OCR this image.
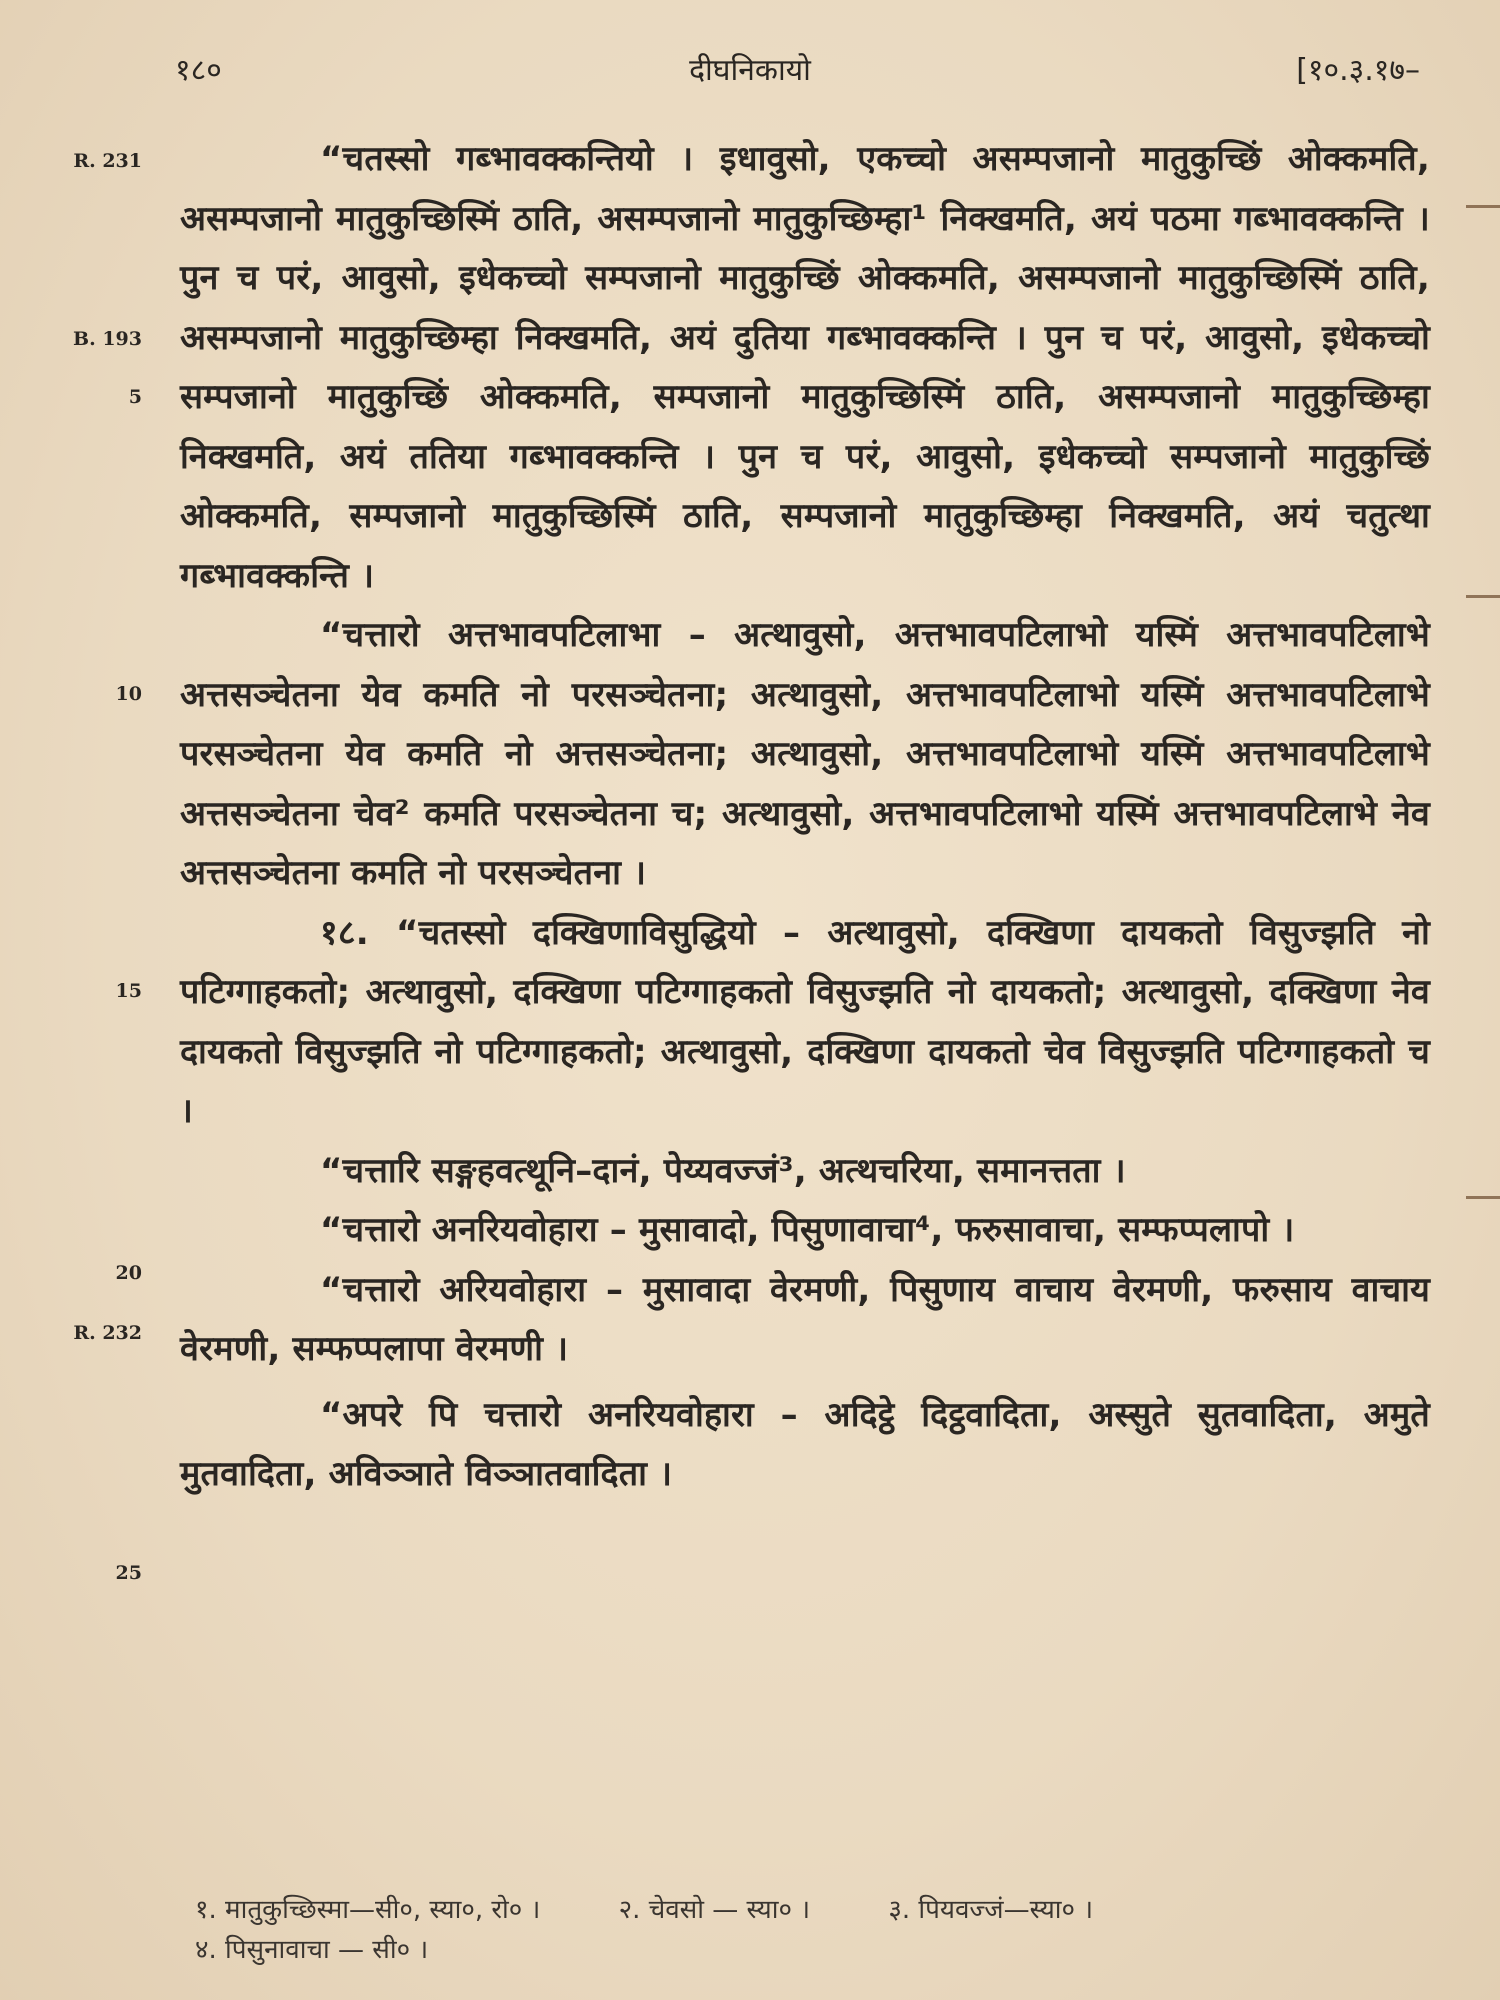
१८०	दीघनिकायो	[१०.३.१७–
R. 231
B. 193
5
10
15
20
R. 232
25

“चतस्सो गब्भावक्कन्तियो । इधावुसो, एकच्चो असम्पजानो मातुकुच्छिं ओक्कमति, असम्पजानो मातुकुच्छिस्मिं ठाति, असम्पजानो मातुकुच्छिम्हा¹ निक्खमति, अयं पठमा गब्भावक्कन्ति । पुन च परं, आवुसो, इधेकच्चो सम्पजानो मातुकुच्छिं ओक्कमति, असम्पजानो मातुकुच्छिस्मिं ठाति, असम्पजानो मातुकुच्छिम्हा निक्खमति, अयं दुतिया गब्भावक्कन्ति । पुन च परं, आवुसो, इधेकच्चो सम्पजानो मातुकुच्छिं ओक्कमति, सम्पजानो मातुकुच्छिस्मिं ठाति, असम्पजानो मातुकुच्छिम्हा निक्खमति, अयं ततिया गब्भावक्कन्ति । पुन च परं, आवुसो, इधेकच्चो सम्पजानो मातुकुच्छिं ओक्कमति, सम्पजानो मातुकुच्छिस्मिं ठाति, सम्पजानो मातुकुच्छिम्हा निक्खमति, अयं चतुत्था गब्भावक्कन्ति ।

“चत्तारो अत्तभावपटिलाभा – अत्थावुसो, अत्तभावपटिलाभो यस्मिं अत्तभावपटिलाभे अत्तसञ्चेतना येव कमति नो परसञ्चेतना; अत्थावुसो, अत्तभावपटिलाभो यस्मिं अत्तभावपटिलाभे परसञ्चेतना येव कमति नो अत्तसञ्चेतना; अत्थावुसो, अत्तभावपटिलाभो यस्मिं अत्तभावपटिलाभे अत्तसञ्चेतना चेव² कमति परसञ्चेतना च; अत्थावुसो, अत्तभावपटिलाभो यस्मिं अत्तभावपटिलाभे नेव अत्तसञ्चेतना कमति नो परसञ्चेतना ।

१८. “चतस्सो दक्खिणाविसुद्धियो – अत्थावुसो, दक्खिणा दायकतो विसुज्झति नो पटिग्गाहकतो; अत्थावुसो, दक्खिणा पटिग्गाहकतो विसुज्झति नो दायकतो; अत्थावुसो, दक्खिणा नेव दायकतो विसुज्झति नो पटिग्गाहकतो; अत्थावुसो, दक्खिणा दायकतो चेव विसुज्झति पटिग्गाहकतो च ।

“चत्तारि सङ्गहवत्थूनि–दानं, पेय्यवज्जं³, अत्थचरिया, समानत्तता ।

“चत्तारो अनरियवोहारा – मुसावादो, पिसुणावाचा⁴, फरुसावाचा, सम्फप्पलापो ।

“चत्तारो अरियवोहारा – मुसावादा वेरमणी, पिसुणाय वाचाय वेरमणी, फरुसाय वाचाय वेरमणी, सम्फप्पलापा वेरमणी ।

“अपरे पि चत्तारो अनरियवोहारा – अदिट्ठे दिट्ठवादिता, अस्सुते सुतवादिता, अमुते मुतवादिता, अविञ्ञाते विञ्ञातवादिता ।

१. मातुकुच्छिस्मा—सी०, स्या०, रो० ।	२. चेवसो — स्या० ।	३. पियवज्जं—स्या० ।
४. पिसुनावाचा — सी० ।
